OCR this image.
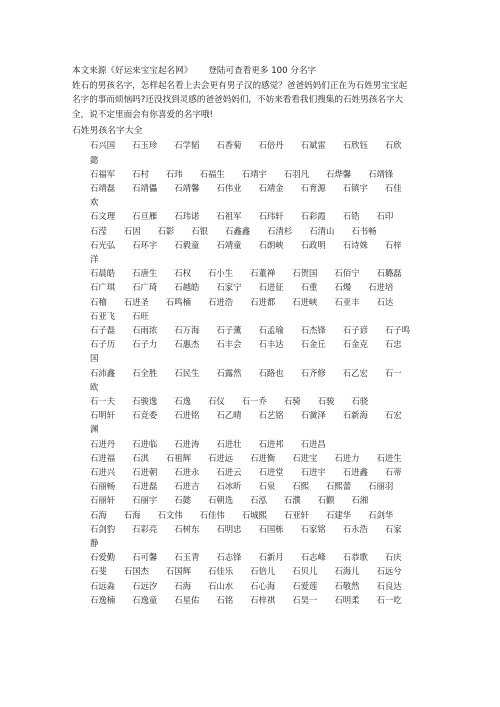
本文来源《好运来宝宝起名网》 登陆可查看更多 100 分名字
姓石的男孩名字，怎样起名看上去会更有男子汉的感觉？爸爸妈妈们正在为石姓男宝宝起
名字的事而烦恼吗?还没找到灵感的爸爸妈妈们，不妨来看看我们搜集的石姓男孩名字大
全，说不定里面会有你喜爱的名字哦!

石姓男孩名字大全
石兴国 石玉珍 石学韬 石香菊 石倍丹 石斌雷 石欣钰 石欣
懿
石福军 石村 石玮 石福生 石靖宇 石羽凡 石烨馨 石靖锋
石靖磊 石靖儡 石靖馨 石伟业 石靖金 石育源 石镇宇 石佳
欢
石文理 石亘雁 石玮诺 石祖军 石玮轩 石彩霞 石锆 石印
石滢 石因 石影 石银 石鑫鑫 石清杉 石清山 石书畅
石光弘 石环宇 石毅童 石靖童 石朗峡 石政明 石诗姝 石梓
洋
石晨皓 石唐生 石权 石小生 石董禅 石贺国 石佰宁 石璐磊
石广琪 石广琦 石越皓 石家宁 石进征 石重 石熳 石进培
石稽 石进圣 石鸣楠 石进浩 石进都 石进峡 石亚丰 石达
石亚飞 石旺
石子磊 石雨浓 石万海 石子薰 石孟瑜 石杰锋 石子谚 石子鸣
石子历 石子力 石惠杰 石丰会 石丰达 石金丘 石金克 石忠
国
石沛鑫 石全胜 石民生 石露然 石路也 石齐修 石乙宏 石一
欧
石一夫 石骏逸 石逸 石仪 石一乔 石骑 石骏 石骁
石明轩 石竞委 石进铭 石乙晴 石艺铭 石黉泽 石新海 石宏
渊
石进丹 石进临 石进涛 石进壮 石进邦 石进昌
石进福 石淇 石祖辉 石进远 石进衡 石进宝 石进力 石进生
石进兴 石进朝 石进永 石进云 石进堂 石进宇 石进鑫 石蒂
石丽畅 石进磊 石进吉 石冰昕 石泉 石熙 石熙蕾 石丽羽
石丽轩 石丽宇 石懿 石朝选 石泓 石濮 石颧 石湘
石海 石海 石文伟 石佳伟 石城熙 石亚轩 石建华 石剑华
石剑豹 石彩亮 石树东 石明忠 石国栋 石家铭 石永浩 石家
静
石爱勤 石可馨 石玉青 石志锋 石新月 石志峰 石恭歌 石庆
石斐 石国杰 石国辉 石佳乐 石倍儿 石贝儿 石海儿 石远兮
石远淼 石远汐 石海 石山水 石心海 石爱莲 石敬然 石良达
石逸楠 石逸童 石星佑 石铭 石梓祺 石昊一 石明柔 石一吃
